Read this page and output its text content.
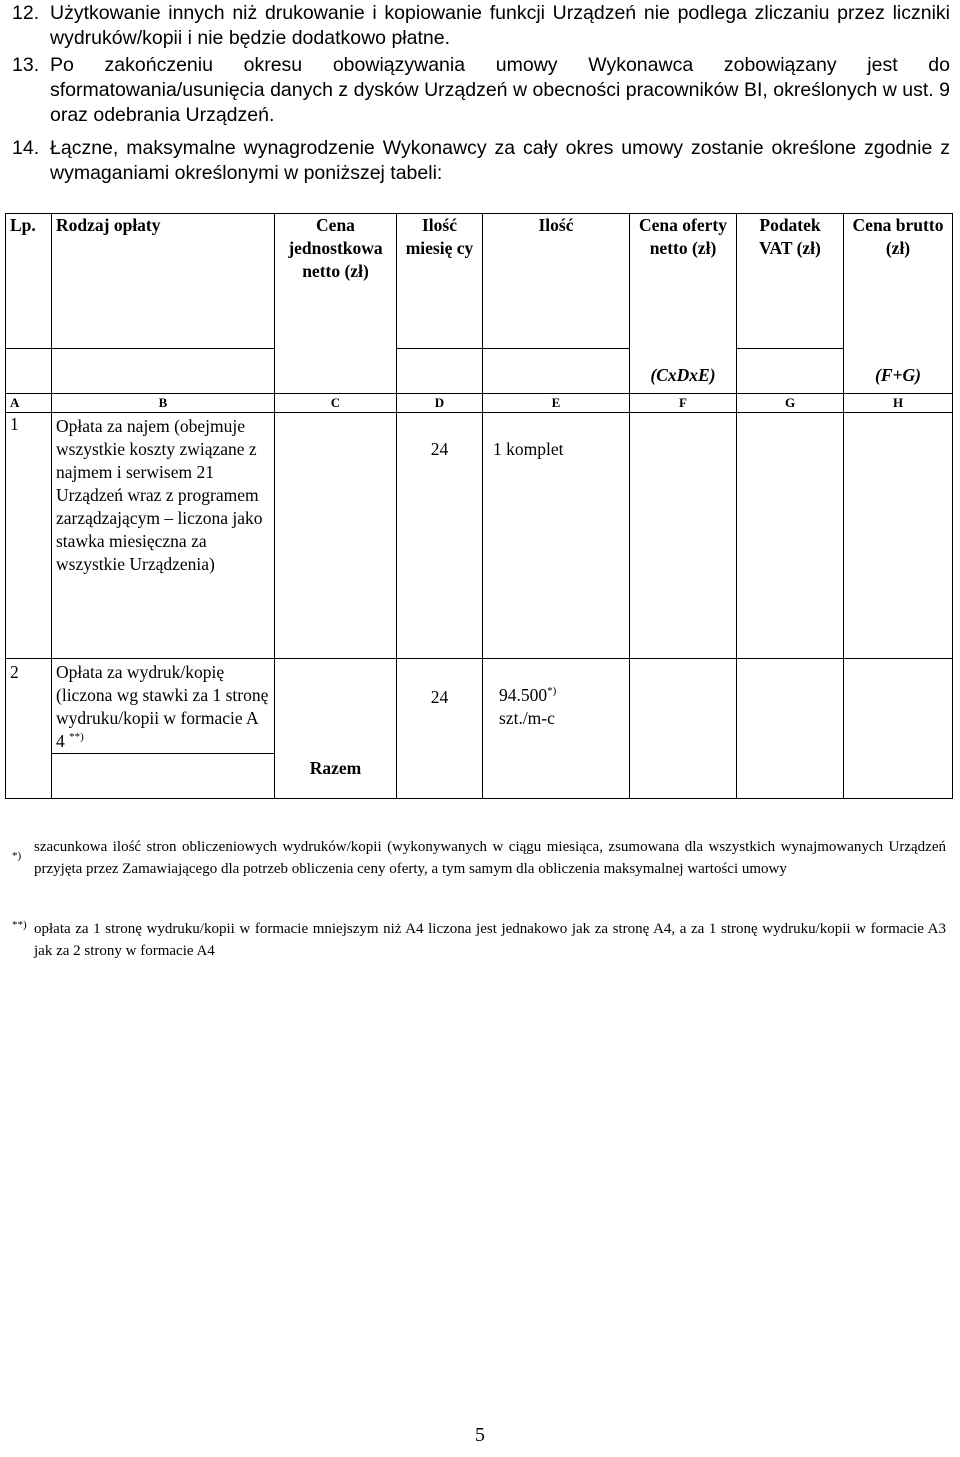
12. Użytkowanie innych niż drukowanie i kopiowanie funkcji Urządzeń nie podlega zliczaniu przez liczniki wydruków/kopii i nie będzie dodatkowo płatne.
13. Po zakończeniu okresu obowiązywania umowy Wykonawca zobowiązany jest do sformatowania/usunięcia danych z dysków Urządzeń w obecności pracowników BI, określonych w ust. 9 oraz odebrania Urządzeń.
14. Łączne, maksymalne wynagrodzenie Wykonawcy za cały okres umowy zostanie określone zgodnie z wymaganiami określonymi w poniższej tabeli:
Lp.	Rodzaj opłaty	Cena jednostkowa netto (zł)	Ilość miesię cy	Ilość	Cena oferty netto (zł)	Podatek VAT (zł)	Cena brutto (zł)
					(CxDxE)		(F+G)
A	B	C	D	E	F	G	H
1	Opłata za najem (obejmuje wszystkie koszty związane z najmem i serwisem 21 Urządzeń wraz z programem zarządzającym – liczona jako stawka miesięczna za wszystkie Urządzenia)		24	1 komplet			
2	Opłata za wydruk/kopię (liczona wg stawki za 1 stronę wydruku/kopii w formacie A 4 **)	Razem	24	94.500*)
szt./m-c			
*)
szacunkowa ilość stron obliczeniowych wydruków/kopii (wykonywanych w ciągu miesiąca, zsumowana dla wszystkich wynajmowanych Urządzeń przyjęta przez Zamawiającego dla potrzeb obliczenia ceny oferty, a tym samym dla obliczenia maksymalnej wartości umowy
**) opłata za 1 stronę wydruku/kopii w formacie mniejszym niż A4 liczona jest jednakowo jak za stronę A4, a za 1 stronę wydruku/kopii w formacie A3 jak za 2 strony w formacie A4
5
